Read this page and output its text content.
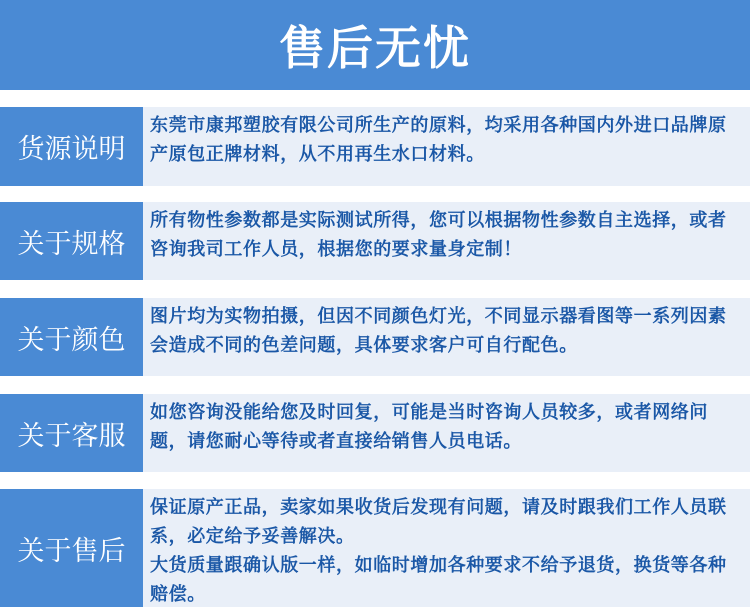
售后无忧
货源说明

东莞市康邦塑胶有限公司所生产的原料，均采用各种国内外进口品牌原产原包正牌材料，从不用再生水口材料。

关于规格

所有物性参数都是实际测试所得，您可以根据物性参数自主选择，或者咨询我司工作人员，根据您的要求量身定制！

关于颜色

图片均为实物拍摄，但因不同颜色灯光，不同显示器看图等一系列因素会造成不同的色差问题，具体要求客户可自行配色。

关于客服

如您咨询没能给您及时回复，可能是当时咨询人员较多，或者网络问题，请您耐心等待或者直接给销售人员电话。

关于售后

保证原产正品，卖家如果收货后发现有问题，请及时跟我们工作人员联系，必定给予妥善解决。

大货质量跟确认版一样，如临时增加各种要求不给予退货，换货等各种赔偿。
